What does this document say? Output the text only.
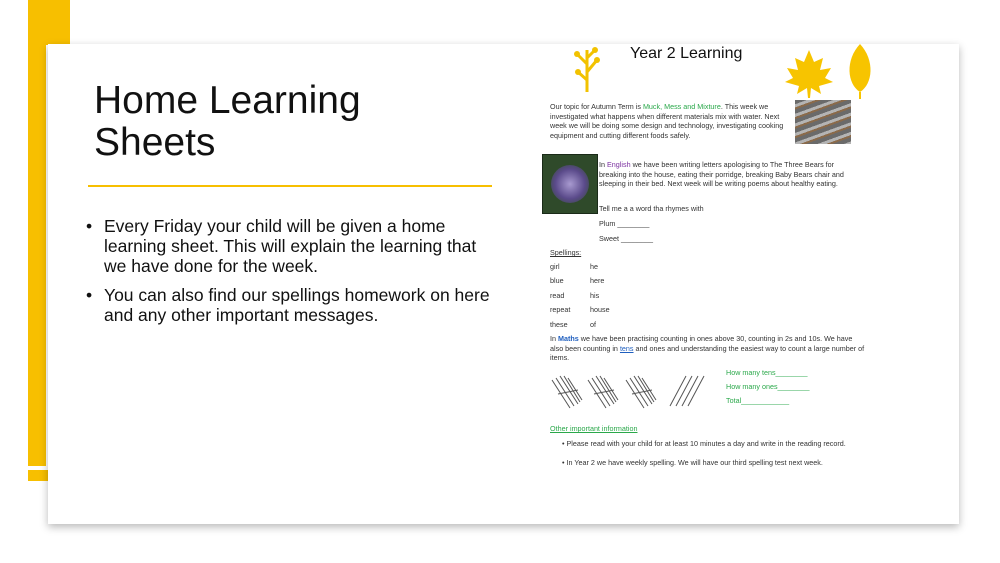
Home Learning Sheets
• Every Friday your child will be given a home learning sheet. This will explain the learning that we have done for the week.
• You can also find our spellings homework on here and any other important messages.
Year 2 Learning
Our topic for Autumn Term is Muck, Mess and Mixture. This week we investigated what happens when different materials mix with water. Next week we will be doing some design and technology, investigating cooking equipment and cutting different foods safely.
In English we have been writing letters apologising to The Three Bears for breaking into the house, eating their porridge, breaking Baby Bears chair and sleeping in their bed. Next week will be writing poems about healthy eating.
Tell me a a word tha rhymes with
Plum ________
Sweet ________
Spellings:
girl	he
blue	here
read	his
repeat	house
these	of
In Maths we have been practising counting in ones above 30, counting in 2s and 10s. We have also been counting in tens and ones and understanding the easiest way to count a large number of items.
How many tens________
How many ones________
Total____________
Other important information
• Please read with your child for at least 10 minutes a day and write in the reading record.
• In Year 2 we have weekly spelling. We will have our third spelling test next week.
